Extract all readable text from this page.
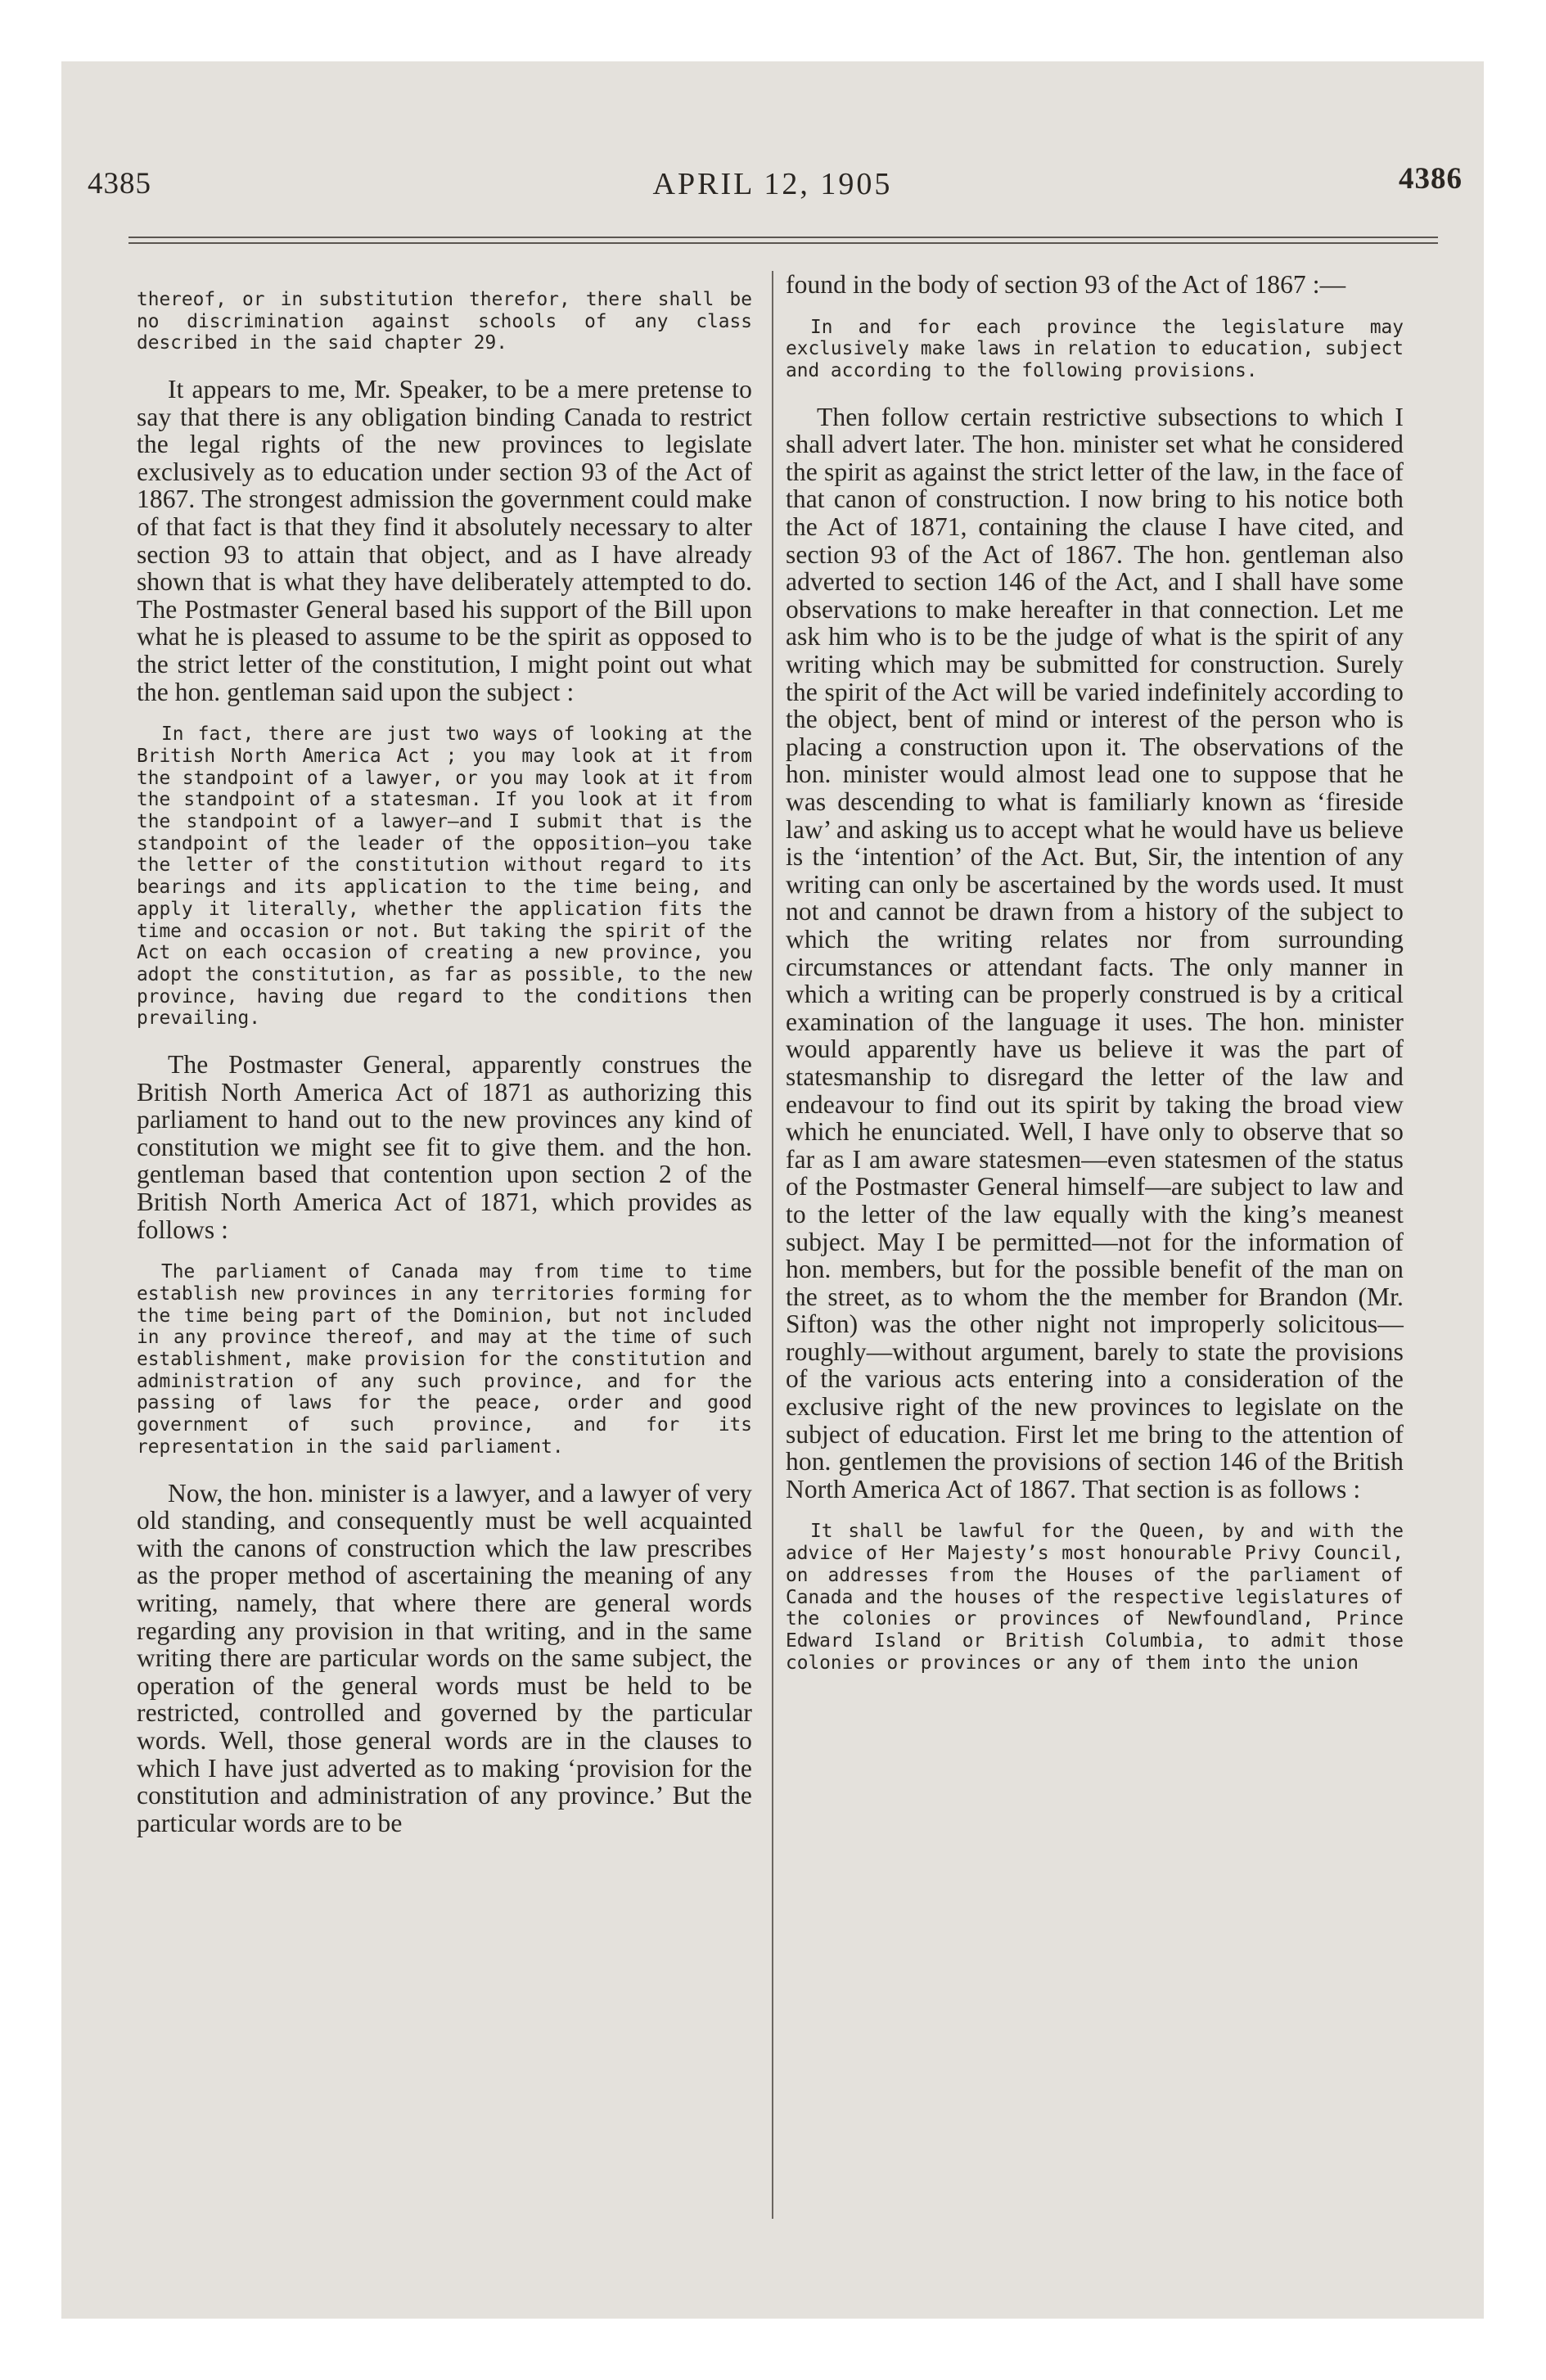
4385	APRIL 12, 1905	4386
thereof, or in substitution therefor, there shall be no discrimination against schools of any class described in the said chapter 29.
It appears to me, Mr. Speaker, to be a mere pretense to say that there is any obligation binding Canada to restrict the legal rights of the new provinces to legislate exclusively as to education under section 93 of the Act of 1867. The strongest admission the government could make of that fact is that they find it absolutely necessary to alter section 93 to attain that object, and as I have already shown that is what they have deliberately attempted to do. The Postmaster General based his support of the Bill upon what he is pleased to assume to be the spirit as opposed to the strict letter of the constitution, I might point out what the hon. gentleman said upon the subject :
In fact, there are just two ways of looking at the British North America Act ; you may look at it from the standpoint of a lawyer, or you may look at it from the standpoint of a statesman. If you look at it from the standpoint of a lawyer—and I submit that is the standpoint of the leader of the opposition—you take the letter of the constitution without regard to its bearings and its application to the time being, and apply it literally, whether the application fits the time and occasion or not. But taking the spirit of the Act on each occasion of creating a new province, you adopt the constitution, as far as possible, to the new province, having due regard to the conditions then prevailing.
The Postmaster General, apparently construes the British North America Act of 1871 as authorizing this parliament to hand out to the new provinces any kind of constitution we might see fit to give them. and the hon. gentleman based that contention upon section 2 of the British North America Act of 1871, which provides as follows :
The parliament of Canada may from time to time establish new provinces in any territories forming for the time being part of the Dominion, but not included in any province thereof, and may at the time of such establishment, make provision for the constitution and administration of any such province, and for the passing of laws for the peace, order and good government of such province, and for its representation in the said parliament.
Now, the hon. minister is a lawyer, and a lawyer of very old standing, and consequently must be well acquainted with the canons of construction which the law prescribes as the proper method of ascertaining the meaning of any writing, namely, that where there are general words regarding any provision in that writing, and in the same writing there are particular words on the same subject, the operation of the general words must be held to be restricted, controlled and governed by the particular words. Well, those general words are in the clauses to which I have just adverted as to making ‘provision for the constitution and administration of any province.’ But the particular words are to be
found in the body of section 93 of the Act of 1867 :—
In and for each province the legislature may exclusively make laws in relation to education, subject and according to the following provisions.
Then follow certain restrictive subsections to which I shall advert later. The hon. minister set what he considered the spirit as against the strict letter of the law, in the face of that canon of construction. I now bring to his notice both the Act of 1871, containing the clause I have cited, and section 93 of the Act of 1867. The hon. gentleman also adverted to section 146 of the Act, and I shall have some observations to make hereafter in that connection. Let me ask him who is to be the judge of what is the spirit of any writing which may be submitted for construction. Surely the spirit of the Act will be varied indefinitely according to the object, bent of mind or interest of the person who is placing a construction upon it. The observations of the hon. minister would almost lead one to suppose that he was descending to what is familiarly known as ‘fireside law’ and asking us to accept what he would have us believe is the ‘intention’ of the Act. But, Sir, the intention of any writing can only be ascertained by the words used. It must not and cannot be drawn from a history of the subject to which the writing relates nor from surrounding circumstances or attendant facts. The only manner in which a writing can be properly construed is by a critical examination of the language it uses. The hon. minister would apparently have us believe it was the part of statesmanship to disregard the letter of the law and endeavour to find out its spirit by taking the broad view which he enunciated. Well, I have only to observe that so far as I am aware statesmen—even statesmen of the status of the Postmaster General himself—are subject to law and to the letter of the law equally with the king’s meanest subject. May I be permitted—not for the information of hon. members, but for the possible benefit of the man on the street, as to whom the the member for Brandon (Mr. Sifton) was the other night not improperly solicitous—roughly—without argument, barely to state the provisions of the various acts entering into a consideration of the exclusive right of the new provinces to legislate on the subject of education. First let me bring to the attention of hon. gentlemen the provisions of section 146 of the British North America Act of 1867. That section is as follows :
It shall be lawful for the Queen, by and with the advice of Her Majesty’s most honourable Privy Council, on addresses from the Houses of the parliament of Canada and the houses of the respective legislatures of the colonies or provinces of Newfoundland, Prince Edward Island or British Columbia, to admit those colonies or provinces or any of them into the union
